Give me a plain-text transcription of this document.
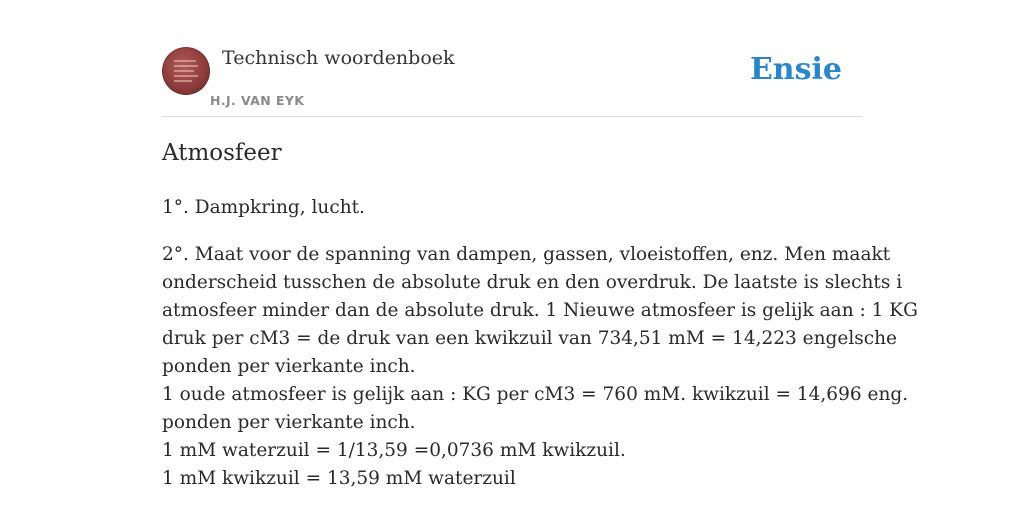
Technisch woordenboek
H.J. VAN EYK
Ensie
Atmosfeer

1°. Dampkring, lucht.

2°. Maat voor de spanning van dampen, gassen, vloeistoffen, enz. Men maakt

onderscheid tusschen de absolute druk en den overdruk. De laatste is slechts i

atmosfeer minder dan de absolute druk. 1 Nieuwe atmosfeer is gelijk aan : 1 KG

druk per cM3 = de druk van een kwikzuil van 734,51 mM = 14,223 engelsche

ponden per vierkante inch.

1 oude atmosfeer is gelijk aan : KG per cM3 = 760 mM. kwikzuil = 14,696 eng.

ponden per vierkante inch.

1 mM waterzuil = 1/13,59 =0,0736 mM kwikzuil.

1 mM kwikzuil = 13,59 mM waterzuil
